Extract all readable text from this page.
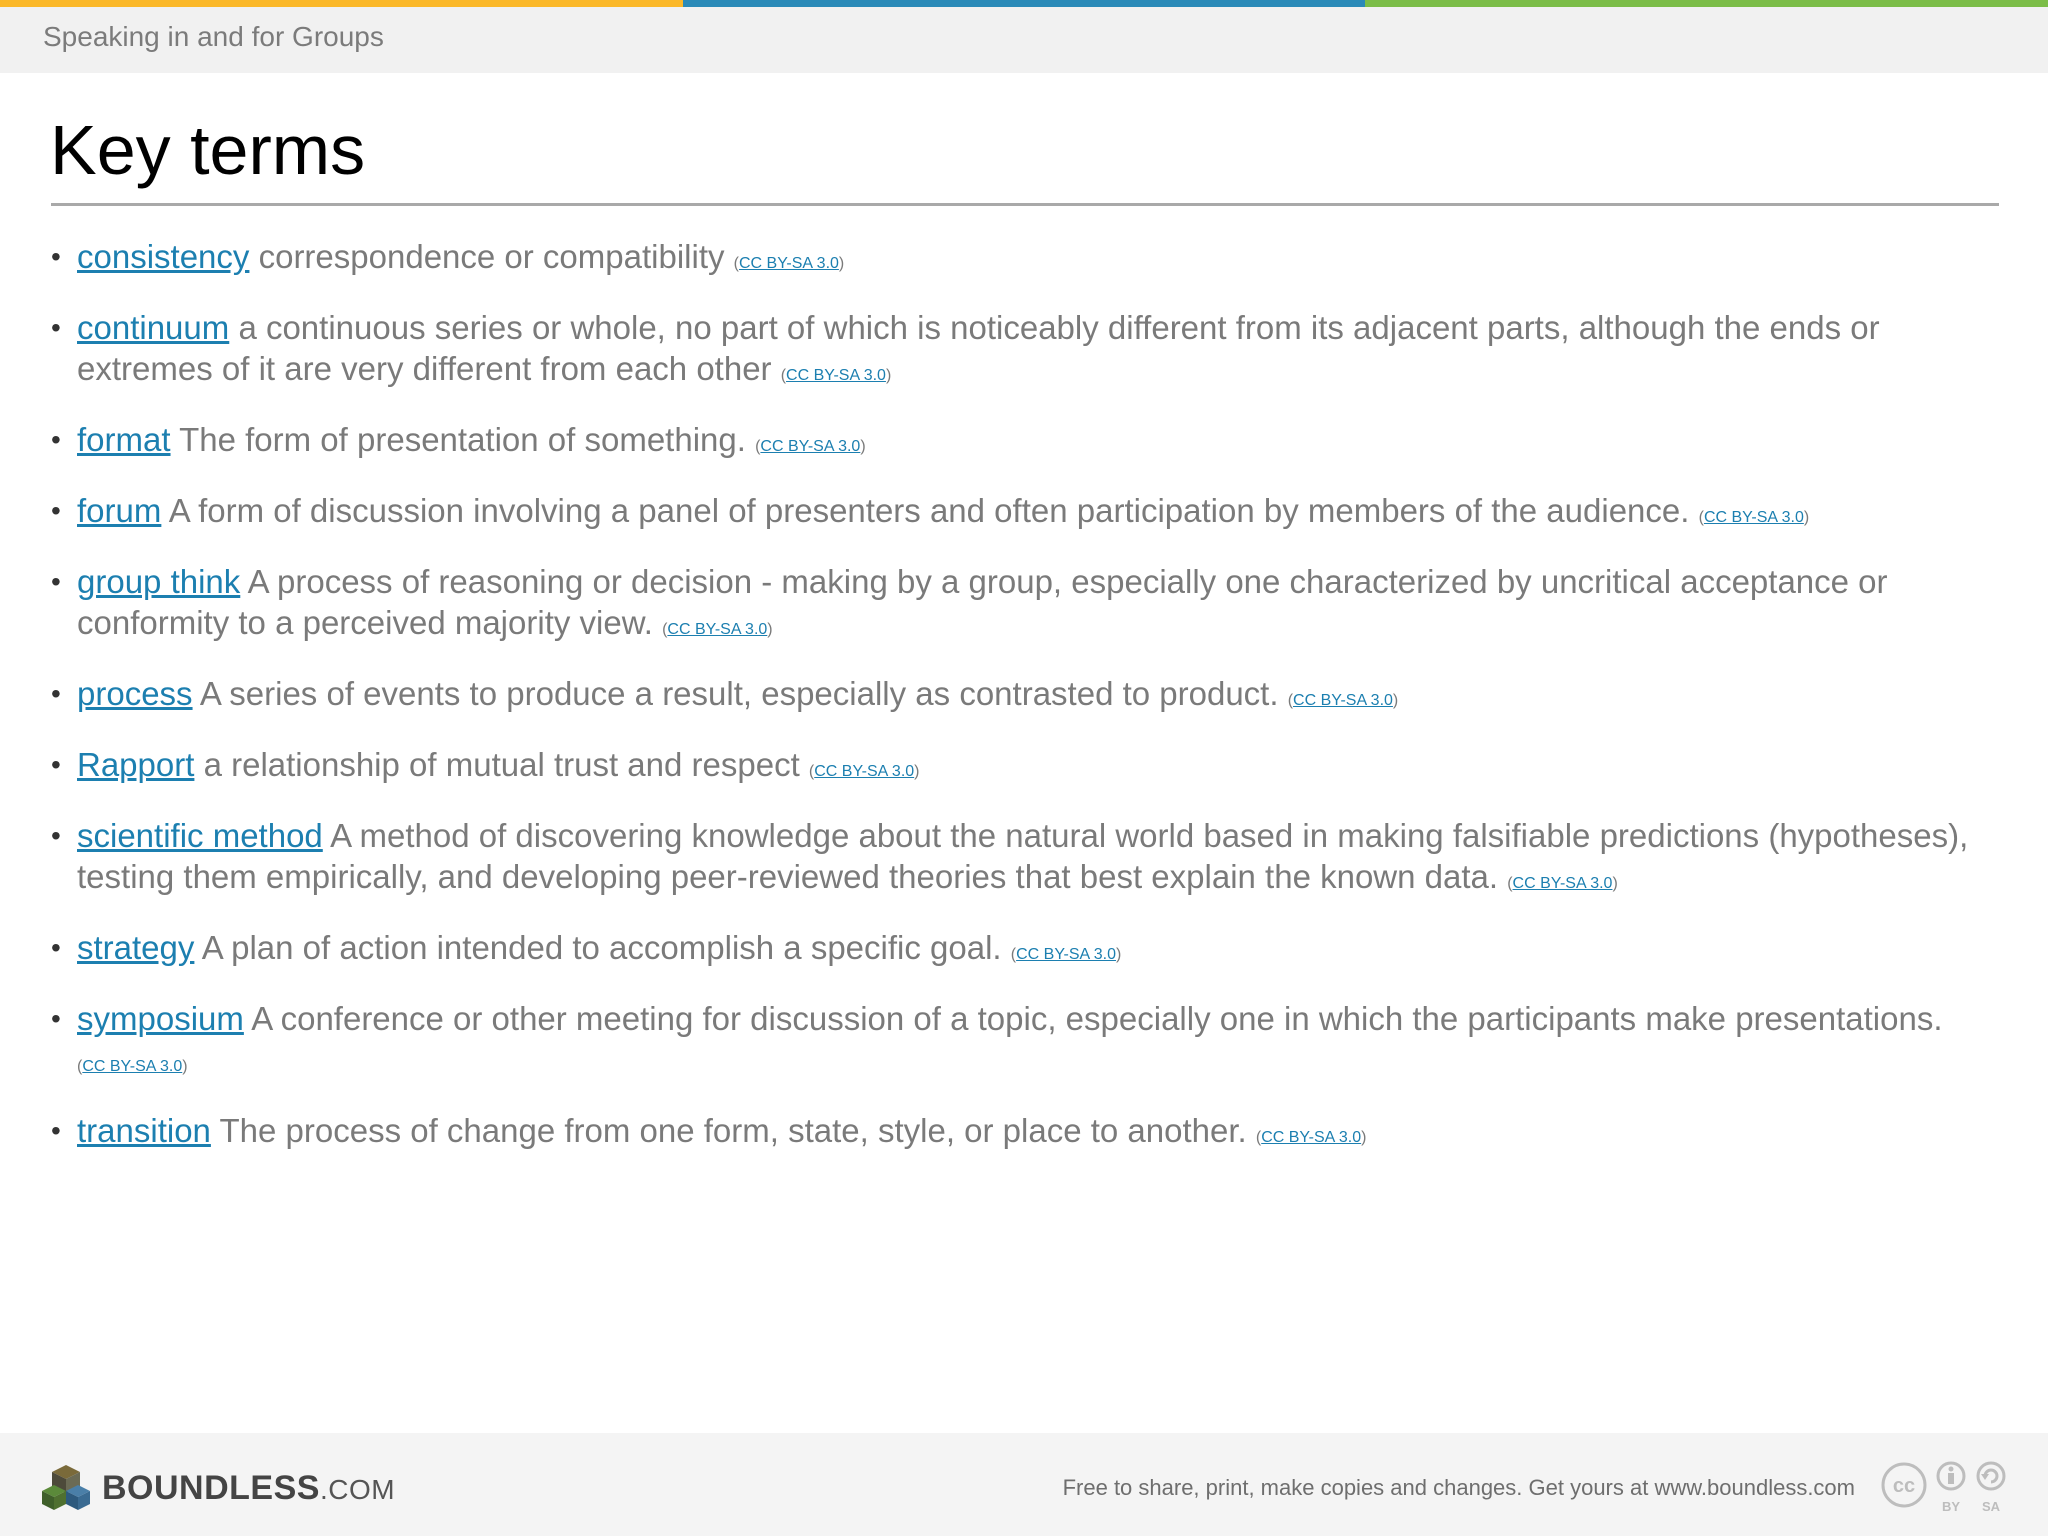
Speaking in and for Groups
Key terms
• consistency correspondence or compatibility (CC BY-SA 3.0)
• continuum a continuous series or whole, no part of which is noticeably different from its adjacent parts, although the ends or extremes of it are very different from each other (CC BY-SA 3.0)
• format The form of presentation of something. (CC BY-SA 3.0)
• forum A form of discussion involving a panel of presenters and often participation by members of the audience. (CC BY-SA 3.0)
• group think A process of reasoning or decision - making by a group, especially one characterized by uncritical acceptance or conformity to a perceived majority view. (CC BY-SA 3.0)
• process A series of events to produce a result, especially as contrasted to product. (CC BY-SA 3.0)
• Rapport a relationship of mutual trust and respect (CC BY-SA 3.0)
• scientific method A method of discovering knowledge about the natural world based in making falsifiable predictions (hypotheses), testing them empirically, and developing peer-reviewed theories that best explain the known data. (CC BY-SA 3.0)
• strategy A plan of action intended to accomplish a specific goal. (CC BY-SA 3.0)
• symposium A conference or other meeting for discussion of a topic, especially one in which the participants make presentations. (CC BY-SA 3.0)
• transition The process of change from one form, state, style, or place to another. (CC BY-SA 3.0)
BOUNDLESS.COM	Free to share, print, make copies and changes. Get yours at www.boundless.com cc
BY SA
